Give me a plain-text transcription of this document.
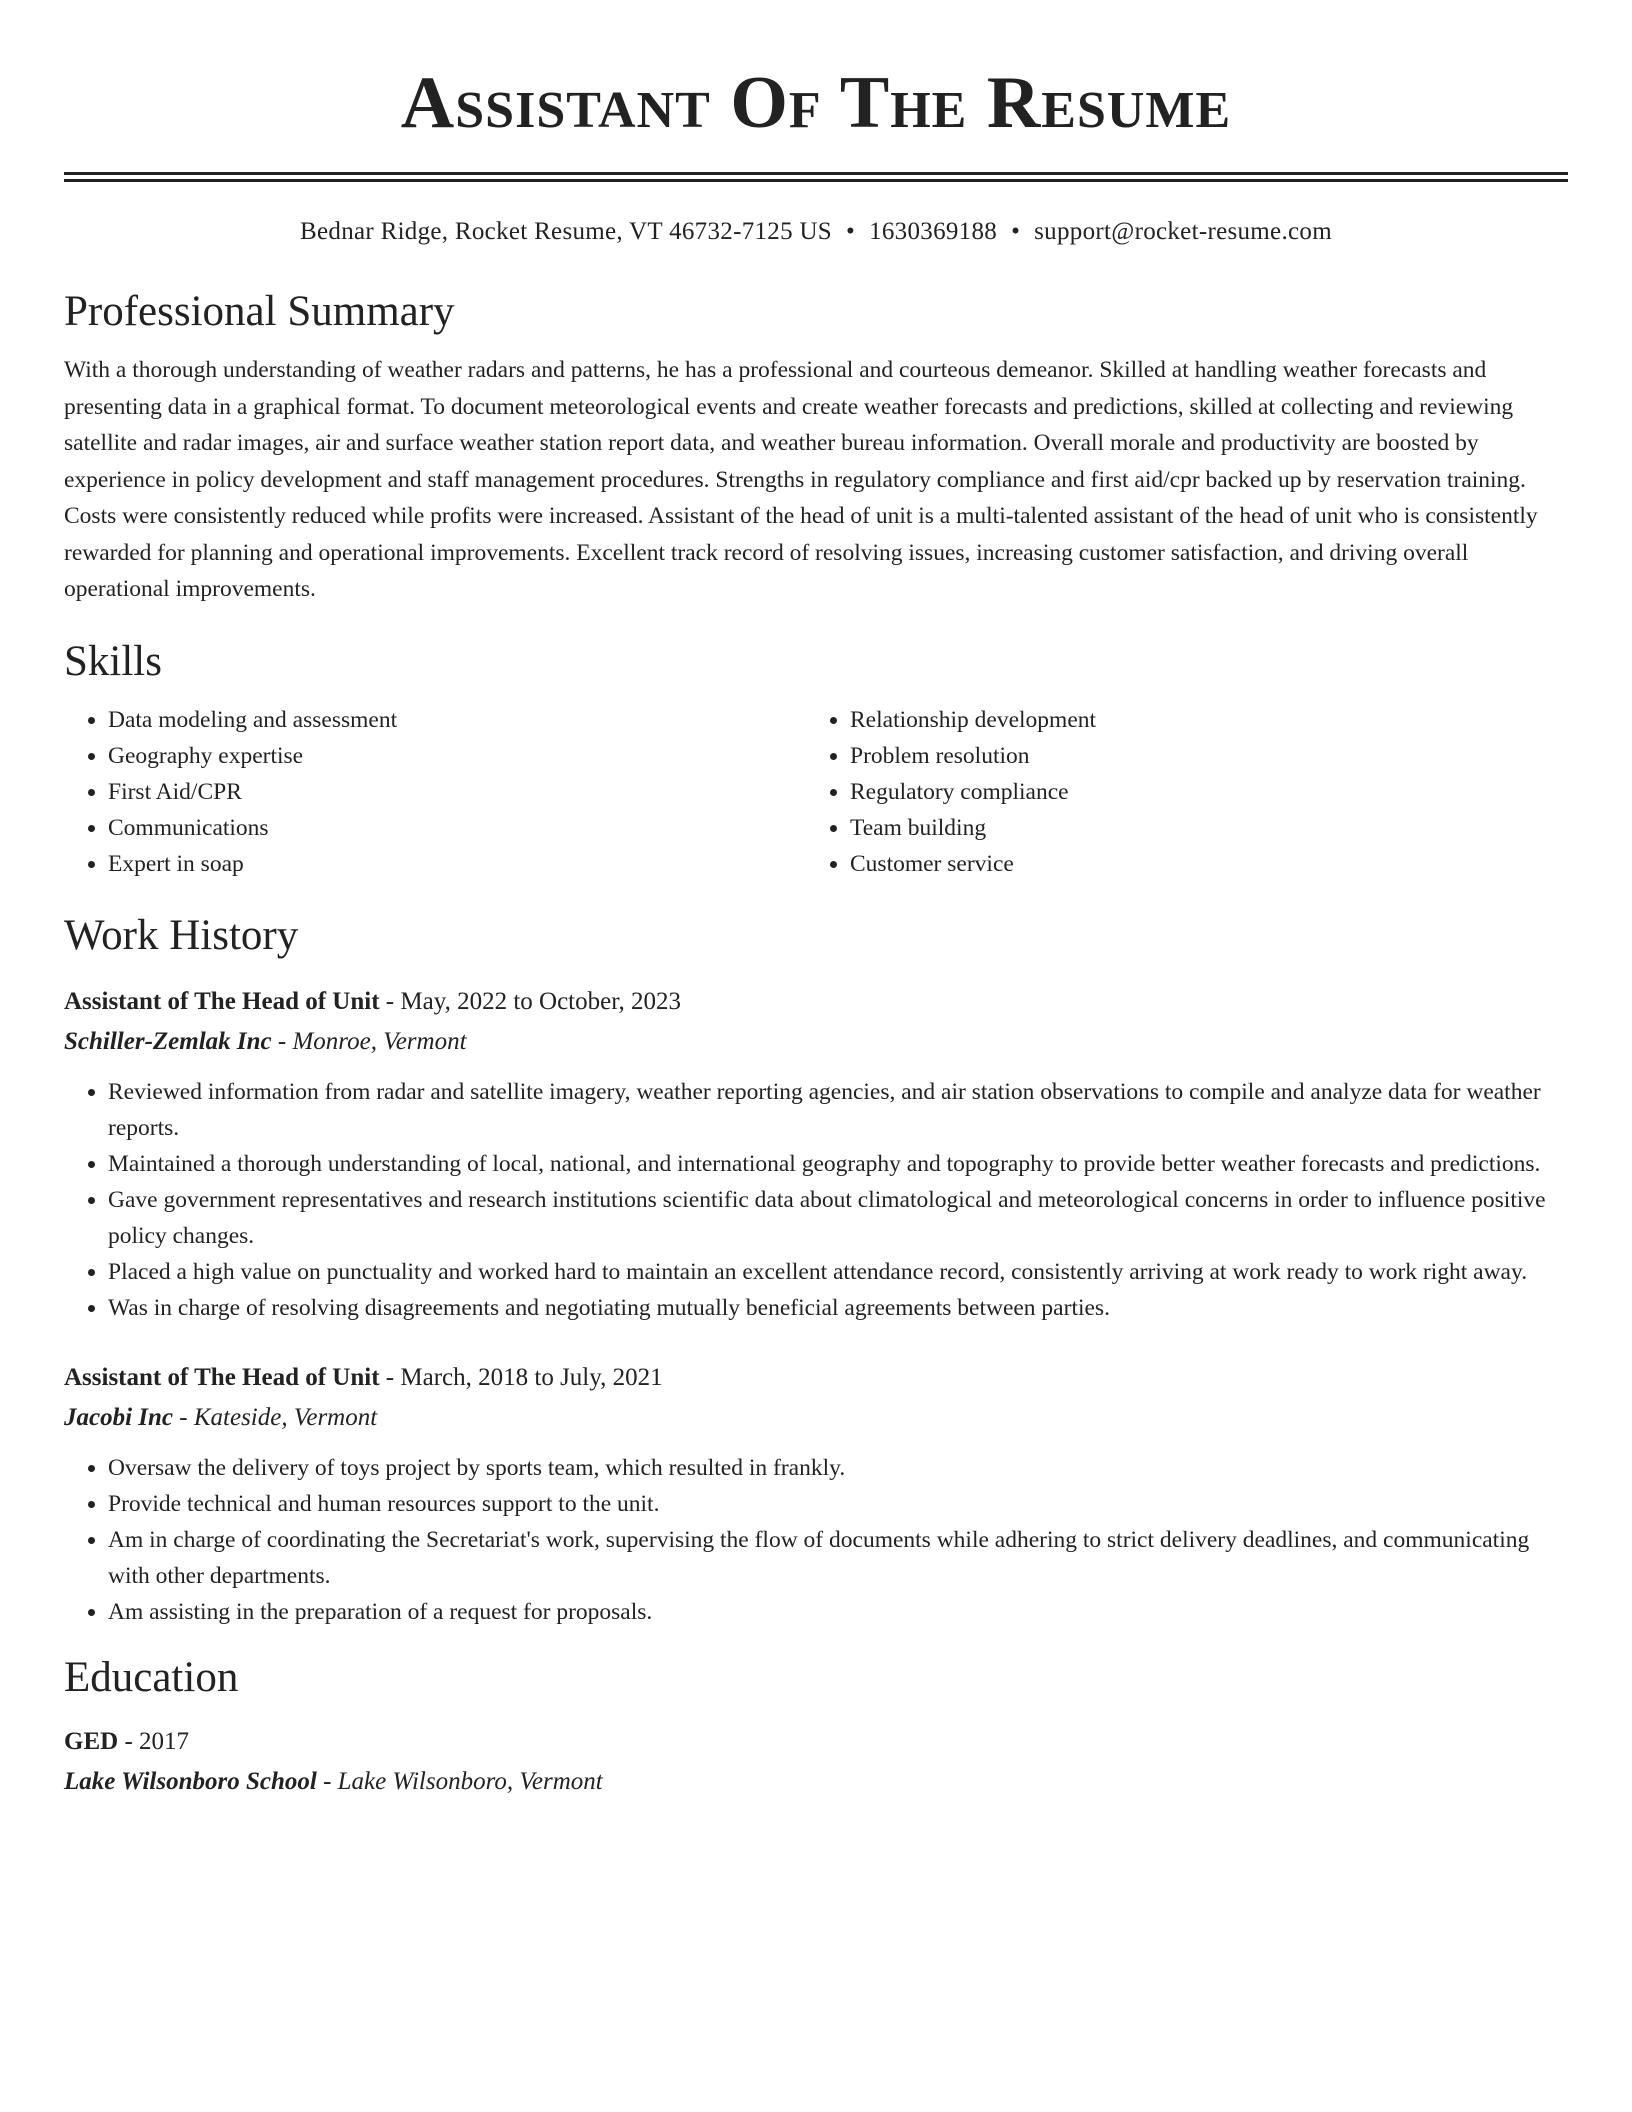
Assistant Of The Resume
Bednar Ridge, Rocket Resume, VT 46732-7125 US • 1630369188 • support@rocket-resume.com
Professional Summary

With a thorough understanding of weather radars and patterns, he has a professional and courteous demeanor. Skilled at handling weather forecasts and presenting data in a graphical format. To document meteorological events and create weather forecasts and predictions, skilled at collecting and reviewing satellite and radar images, air and surface weather station report data, and weather bureau information. Overall morale and productivity are boosted by experience in policy development and staff management procedures. Strengths in regulatory compliance and first aid/cpr backed up by reservation training. Costs were consistently reduced while profits were increased. Assistant of the head of unit is a multi-talented assistant of the head of unit who is consistently rewarded for planning and operational improvements. Excellent track record of resolving issues, increasing customer satisfaction, and driving overall operational improvements.

Skills
• Data modeling and assessment
• Geography expertise
• First Aid/CPR
• Communications
• Expert in soap
• Relationship development
• Problem resolution
• Regulatory compliance
• Team building
• Customer service
Work History
Assistant of The Head of Unit - May, 2022 to October, 2023
Schiller-Zemlak Inc - Monroe, Vermont
• Reviewed information from radar and satellite imagery, weather reporting agencies, and air station observations to compile and analyze data for weather reports.
• Maintained a thorough understanding of local, national, and international geography and topography to provide better weather forecasts and predictions.
• Gave government representatives and research institutions scientific data about climatological and meteorological concerns in order to influence positive policy changes.
• Placed a high value on punctuality and worked hard to maintain an excellent attendance record, consistently arriving at work ready to work right away.
• Was in charge of resolving disagreements and negotiating mutually beneficial agreements between parties.
Assistant of The Head of Unit - March, 2018 to July, 2021
Jacobi Inc - Kateside, Vermont
• Oversaw the delivery of toys project by sports team, which resulted in frankly.
• Provide technical and human resources support to the unit.
• Am in charge of coordinating the Secretariat's work, supervising the flow of documents while adhering to strict delivery deadlines, and communicating with other departments.
• Am assisting in the preparation of a request for proposals.
Education
GED - 2017
Lake Wilsonboro School - Lake Wilsonboro, Vermont
